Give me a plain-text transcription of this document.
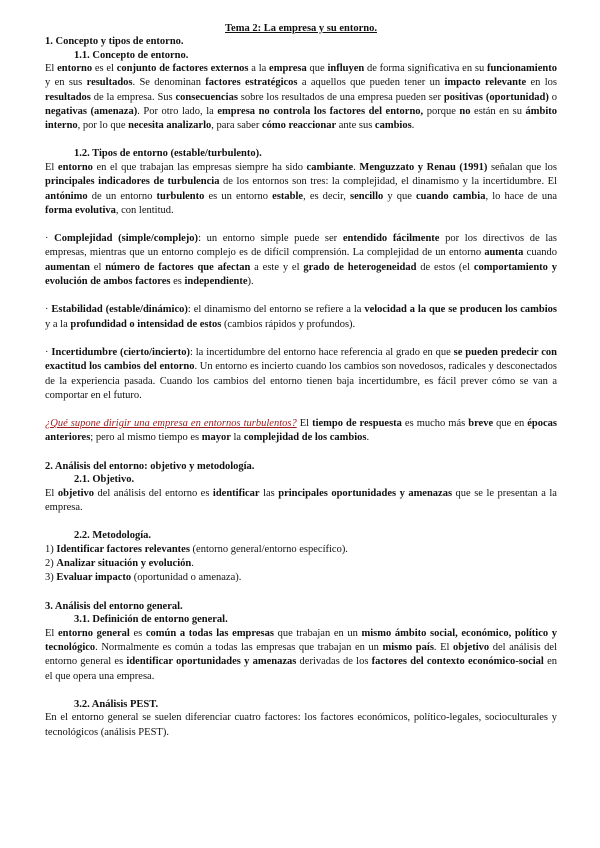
Tema 2: La empresa y su entorno.

1. Concepto y tipos de entorno.
1.1. Concepto de entorno.

El entorno es el conjunto de factores externos a la empresa que influyen de forma significativa en su funcionamiento y en sus resultados. Se denominan factores estratégicos a aquellos que pueden tener un impacto relevante en los resultados de la empresa. Sus consecuencias sobre los resultados de una empresa pueden ser positivas (oportunidad) o negativas (amenaza). Por otro lado, la empresa no controla los factores del entorno, porque no están en su ámbito interno, por lo que necesita analizarlo, para saber cómo reaccionar ante sus cambios.

1.2. Tipos de entorno (estable/turbulento).

El entorno en el que trabajan las empresas siempre ha sido cambiante. Menguzzato y Renau (1991) señalan que los principales indicadores de turbulencia de los entornos son tres: la complejidad, el dinamismo y la incertidumbre. El antónimo de un entorno turbulento es un entorno estable, es decir, sencillo y que cuando cambia, lo hace de una forma evolutiva, con lentitud.

· Complejidad (simple/complejo): un entorno simple puede ser entendido fácilmente por los directivos de las empresas, mientras que un entorno complejo es de difícil comprensión. La complejidad de un entorno aumenta cuando aumentan el número de factores que afectan a este y el grado de heterogeneidad de estos (el comportamiento y evolución de ambos factores es independiente).

· Estabilidad (estable/dinámico): el dinamismo del entorno se refiere a la velocidad a la que se producen los cambios y a la profundidad o intensidad de estos (cambios rápidos y profundos).

· Incertidumbre (cierto/incierto): la incertidumbre del entorno hace referencia al grado en que se pueden predecir con exactitud los cambios del entorno. Un entorno es incierto cuando los cambios son novedosos, radicales y desconectados de la experiencia pasada. Cuando los cambios del entorno tienen baja incertidumbre, es fácil prever cómo se van a comportar en el futuro.

¿Qué supone dirigir una empresa en entornos turbulentos? El tiempo de respuesta es mucho más breve que en épocas anteriores; pero al mismo tiempo es mayor la complejidad de los cambios.

2. Análisis del entorno: objetivo y metodología.
2.1. Objetivo.

El objetivo del análisis del entorno es identificar las principales oportunidades y amenazas que se le presentan a la empresa.

2.2. Metodología.

1) Identificar factores relevantes (entorno general/entorno específico).

2) Analizar situación y evolución.

3) Evaluar impacto (oportunidad o amenaza).

3. Análisis del entorno general.
3.1. Definición de entorno general.

El entorno general es común a todas las empresas que trabajan en un mismo ámbito social, económico, político y tecnológico. Normalmente es común a todas las empresas que trabajan en un mismo país. El objetivo del análisis del entorno general es identificar oportunidades y amenazas derivadas de los factores del contexto económico-social en el que opera una empresa.

3.2. Análisis PEST.

En el entorno general se suelen diferenciar cuatro factores: los factores económicos, político-legales, socioculturales y tecnológicos (análisis PEST).
